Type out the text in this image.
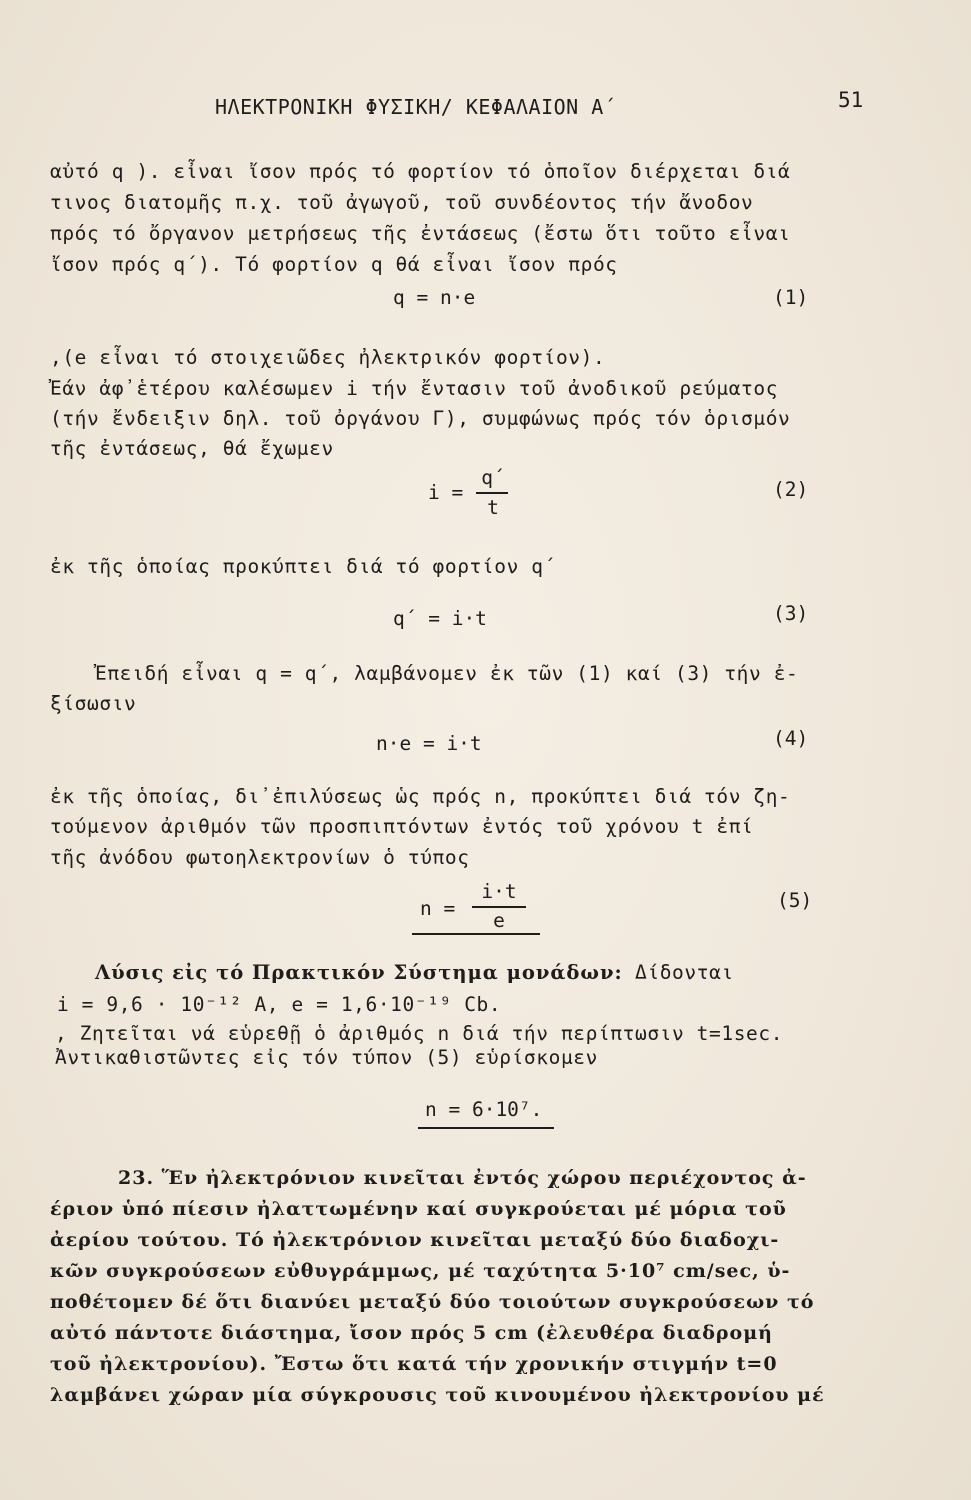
ΗΛΕΚΤΡΟΝΙΚΗ ΦΥΣΙΚΗ/ ΚΕΦΑΛΑΙΟΝ Α΄	51
αὐτό q ). εἶναι ἴσον πρός τό φορτίον τό ὁποῖον διέρχεται διά
τινος διατομῆς π.χ. τοῦ ἀγωγοῦ, τοῦ συνδέοντος τήν ἄνοδον
πρός τό ὄργανον μετρήσεως τῆς ἐντάσεως (ἔστω ὅτι τοῦτο εἶναι
ἴσον πρός q΄). Τό φορτίον q θά εἶναι ἴσον πρός
q = n·e	(1)
,(e εἶναι τό στοιχειῶδες ἠλεκτρικόν φορτίον).
Ἐάν ἀφ᾽ἑτέρου καλέσωμεν i τήν ἔντασιν τοῦ ἀνοδικοῦ ρεύματος
(τήν ἔνδειξιν δηλ. τοῦ ὀργάνου Γ), συμφώνως πρός τόν ὁρισμόν
τῆς ἐντάσεως, θά ἔχωμεν
i =
q΄
t
(2)
ἐκ τῆς ὁποίας προκύπτει διά τό φορτίον q΄
q΄ = i·t	(3)
Ἐπειδή εἶναι q = q΄, λαμβάνομεν ἐκ τῶν (1) καί (3) τήν ἐ-
ξίσωσιν
n·e = i·t	(4)
ἐκ τῆς ὁποίας, δι᾽ἐπιλύσεως ὡς πρός n, προκύπτει διά τόν ζη-
τούμενον ἀριθμόν τῶν προσπιπτόντων ἐντός τοῦ χρόνου t ἐπί
τῆς ἀνόδου φωτοηλεκτρονίων ὁ τύπος
n =
i·t
e
(5)
Λύσις εἰς τό Πρακτικόν Σύστημα μονάδων: Δίδονται
i = 9,6 · 10⁻¹² A, e = 1,6·10⁻¹⁹ Cb.
, Ζητεῖται νά εὑρεθῇ ὁ ἀριθμός n διά τήν περίπτωσιν t=1sec.
Ἀντικαθιστῶντες εἰς τόν τύπον (5) εὑρίσκομεν
n = 6·10⁷.
23. Ἕν ἠλεκτρόνιον κινεῖται ἐντός χώρου περιέχοντος ἀ-
έριον ὑπό πίεσιν ἠλαττωμένην καί συγκρούεται μέ μόρια τοῦ
ἀερίου τούτου. Τό ἠλεκτρόνιον κινεῖται μεταξύ δύο διαδοχι-
κῶν συγκρούσεων εὐθυγράμμως, μέ ταχύτητα 5·10⁷ cm/sec, ὑ-
ποθέτομεν δέ ὅτι διανύει μεταξύ δύο τοιούτων συγκρούσεων τό
αὐτό πάντοτε διάστημα, ἴσον πρός 5 cm (ἐλευθέρα διαδρομή
τοῦ ἠλεκτρονίου). Ἔστω ὅτι κατά τήν χρονικήν στιγμήν t=0
λαμβάνει χώραν μία σύγκρουσις τοῦ κινουμένου ἠλεκτρονίου μέ
